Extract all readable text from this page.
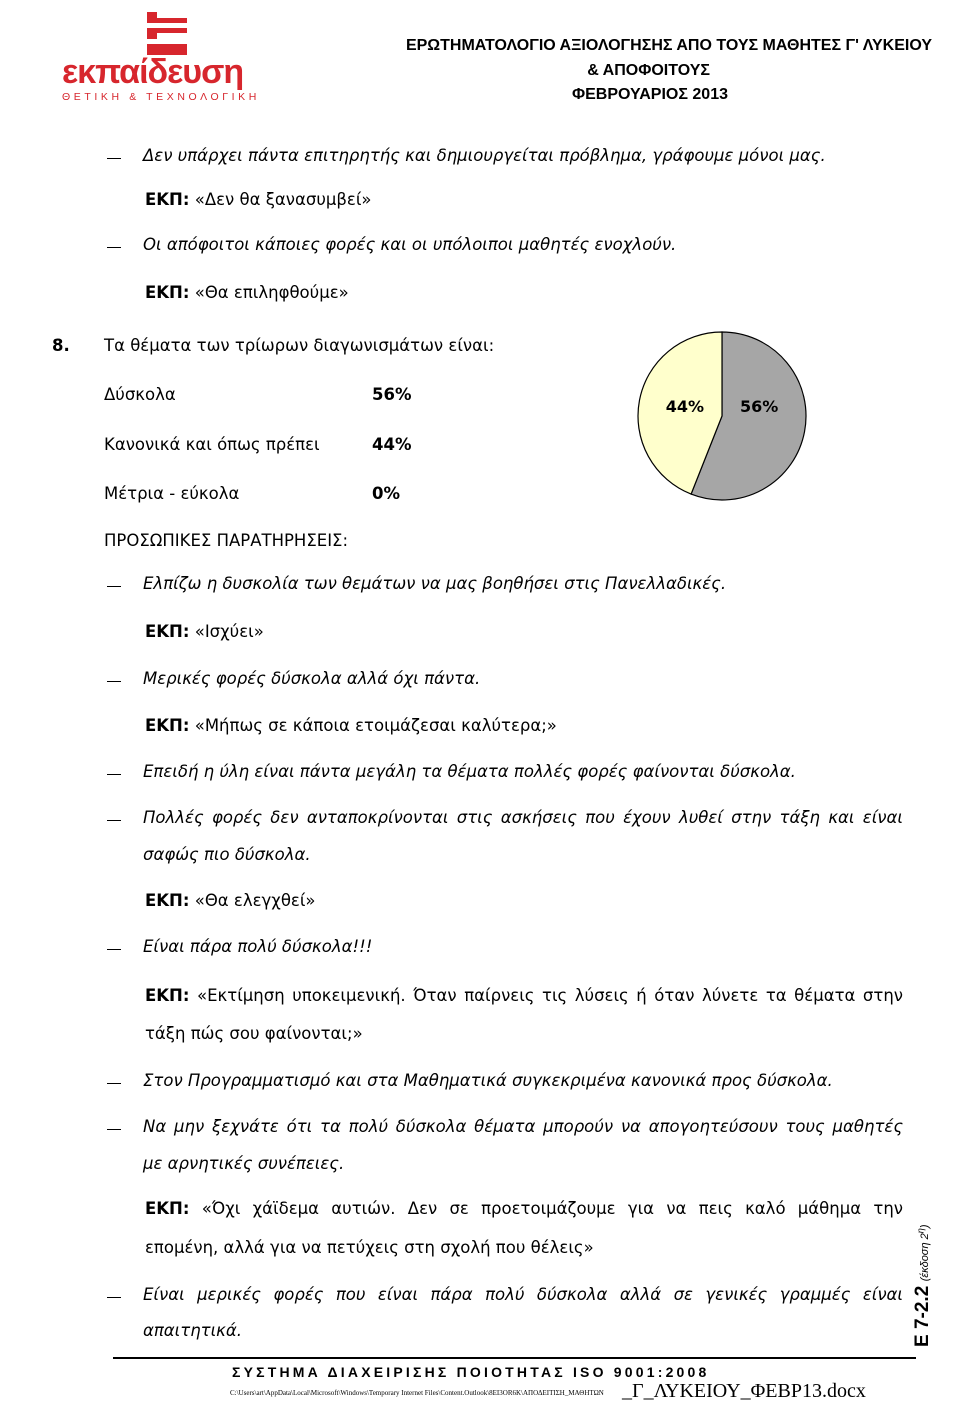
εκπαίδευση
ΘΕΤΙΚΗ & ΤΕΧΝΟΛΟΓΙΚΗ
ΕΡΩΤΗΜΑΤΟΛΟΓΙΟ ΑΞΙΟΛΟΓΗΣΗΣ ΑΠΟ ΤΟΥΣ ΜΑΘΗΤΕΣ Γ' ΛΥΚΕΙΟΥ
& ΑΠΟΦΟΙΤΟΥΣ
ΦΕΒΡΟΥΑΡΙΟΣ 2013
Δεν υπάρχει πάντα επιτηρητής και δημιουργείται πρόβλημα, γράφουμε μόνοι μας.
ΕΚΠ: «Δεν θα ξανασυμβεί»
Οι απόφοιτοι κάποιες φορές και οι υπόλοιποι μαθητές ενοχλούν.
ΕΚΠ: «Θα επιληφθούμε»
8. Τα θέματα των τρίωρων διαγωνισμάτων είναι:
Δύσκολα	56%
Κανονικά και όπως πρέπει	44%
Μέτρια - εύκολα	0%
56%
44%
ΠΡΟΣΩΠΙΚΕΣ ΠΑΡΑΤΗΡΗΣΕΙΣ:
Ελπίζω η δυσκολία των θεμάτων να μας βοηθήσει στις Πανελλαδικές.
ΕΚΠ: «Ισχύει»
Μερικές φορές δύσκολα αλλά όχι πάντα.
ΕΚΠ: «Μήπως σε κάποια ετοιμάζεσαι καλύτερα;»
Επειδή η ύλη είναι πάντα μεγάλη τα θέματα πολλές φορές φαίνονται δύσκολα.
Πολλές φορές δεν ανταποκρίνονται στις ασκήσεις που έχουν λυθεί στην τάξη και είναι
σαφώς πιο δύσκολα.
ΕΚΠ: «Θα ελεγχθεί»
Είναι πάρα πολύ δύσκολα!!!
ΕΚΠ: «Εκτίμηση υποκειμενική. Όταν παίρνεις τις λύσεις ή όταν λύνετε τα θέματα στην
τάξη πώς σου φαίνονται;»
Στον Προγραμματισμό και στα Μαθηματικά συγκεκριμένα κανονικά προς δύσκολα.
Να μην ξεχνάτε ότι τα πολύ δύσκολα θέματα μπορούν να απογοητεύσουν τους μαθητές
με αρνητικές συνέπειες.
ΕΚΠ: «Όχι χάϊδεμα αυτιών. Δεν σε προετοιμάζουμε για να πεις καλό μάθημα την
επομένη, αλλά για να πετύχεις στη σχολή που θέλεις»
Είναι μερικές φορές που είναι πάρα πολύ δύσκολα αλλά σε γενικές γραμμές είναι
απαιτητικά.	Ε 7-2.2 (έκδοση $2^\eta$)
ΣΥΣΤΗΜΑ ΔΙΑΧΕΙΡΙΣΗΣ ΠΟΙΟΤΗΤΑΣ ISO 9001:2008
C:\Users\art\AppData\Local\Microsoft\Windows\Temporary Internet Files\Content.Outlook\8EI3OR6K\ΑΠΟΔΕΙΤΙΣΗ_ΜΑΘΗΤΩΝ _Γ_ΛΥΚΕΙΟΥ_ΦΕΒΡ13.docx
